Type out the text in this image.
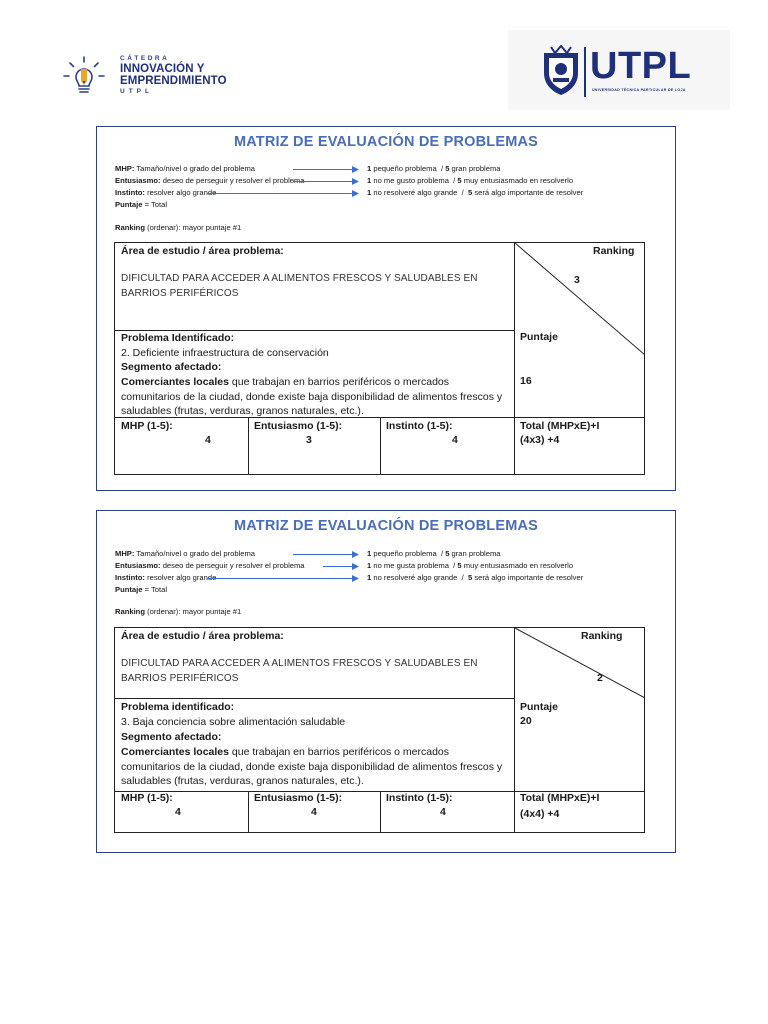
CÁTEDRA
INNOVACIÓN Y
EMPRENDIMIENTO
UTPL
UTPL
UNIVERSIDAD TÉCNICA PARTICULAR DE LOJA
MATRIZ DE EVALUACIÓN DE PROBLEMAS
MHP: Tamaño/nivel o grado del problema	1 pequeño problema / 5 gran problema
Entusiasmo: deseo de perseguir y resolver el problema	1 no me gusto problema / 5 muy entusiasmado en resolverlo
Instinto: resolver algo grande	1 no resolveré algo grande / 5 será algo importante de resolver
Puntaje = Total
Ranking (ordenar): mayor puntaje #1
Área de estudio / área problema:
DIFICULTAD PARA ACCEDER A ALIMENTOS FRESCOS Y SALUDABLES EN BARRIOS PERIFÉRICOS
Ranking
3
Problema Identificado:
2. Deficiente infraestructura de conservación
Segmento afectado:
Comerciantes locales que trabajan en barrios periféricos o mercados comunitarios de la ciudad, donde existe baja disponibilidad de alimentos frescos y saludables (frutas, verduras, granos naturales, etc.).
Puntaje
16
MHP (1-5):
4
Entusiasmo (1-5):
3
Instinto (1-5):
4
Total (MHPxE)+I
(4x3) +4
MATRIZ DE EVALUACIÓN DE PROBLEMAS
MHP: Tamaño/nivel o grado del problema	1 pequeño problema / 5 gran problema
Entusiasmo: deseo de perseguir y resolver el problema	1 no me gusta problema / 5 muy entusiasmado en resolverlo
Instinto: resolver algo grande	1 no resolveré algo grande / 5 será algo importante de resolver
Puntaje = Total
Ranking (ordenar): mayor puntaje #1
Área de estudio / área problema:
DIFICULTAD PARA ACCEDER A ALIMENTOS FRESCOS Y SALUDABLES EN BARRIOS PERIFÉRICOS
Ranking
2
Problema identificado:
3. Baja conciencia sobre alimentación saludable
Segmento afectado:
Comerciantes locales que trabajan en barrios periféricos o mercados comunitarios de la ciudad, donde existe baja disponibilidad de alimentos frescos y saludables (frutas, verduras, granos naturales, etc.).
Puntaje
20
MHP (1-5):
4
Entusiasmo (1-5):
4
Instinto (1-5):
4
Total (MHPxE)+I
(4x4) +4
